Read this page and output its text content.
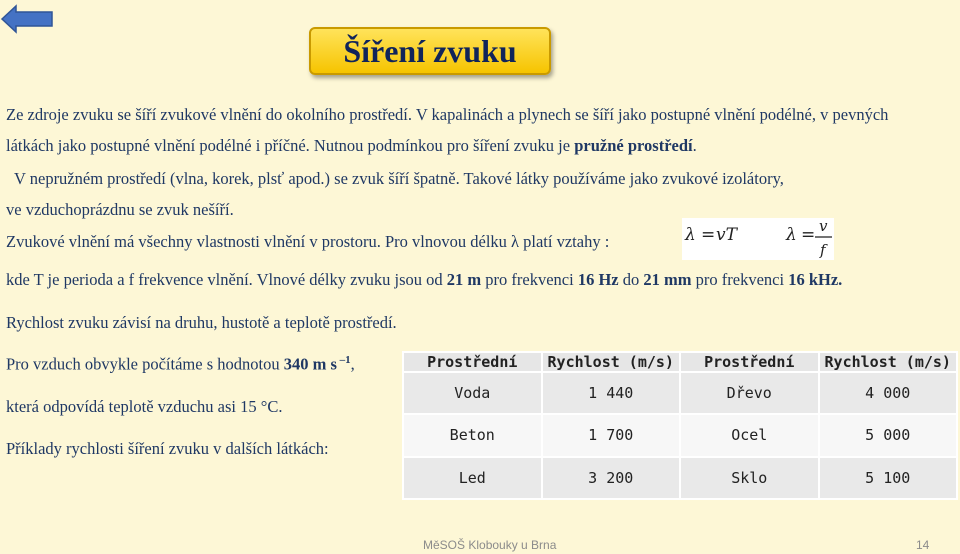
Šíření zvuku
Ze zdroje zvuku se šíří zvukové vlnění do okolního prostředí. V kapalinách a plynech se šíří jako postupné vlnění podélné, v pevných
látkách jako postupné vlnění podélné i příčné. Nutnou podmínkou pro šíření zvuku je pružné prostředí.
V nepružném prostředí (vlna, korek, plsť apod.) se zvuk šíří špatně. Takové látky používáme jako zvukové izolátory,
ve vzduchoprázdnu se zvuk nešíří.
Zvukové vlnění má všechny vlastnosti vlnění v prostoru. Pro vlnovou délku λ platí vztahy :	λ = vT	λ = v
f
kde T je perioda a f frekvence vlnění. Vlnové délky zvuku jsou od 21 m pro frekvenci 16 Hz do 21 mm pro frekvenci 16 kHz.
Rychlost zvuku závisí na druhu, hustotě a teplotě prostředí.
Pro vzduch obvykle počítáme s hodnotou 340 m s $^{-1}$,
která odpovídá teplotě vzduchu asi 15 °C.
Příklady rychlosti šíření zvuku v dalších látkách:
Prostřední	Rychlost (m/s)	Prostřední	Rychlost (m/s)
Voda	1 440	Dřevo	4 000
Beton	1 700	Ocel	5 000
Led	3 200	Sklo	5 100
MěSOŠ Klobouky u Brna	14
